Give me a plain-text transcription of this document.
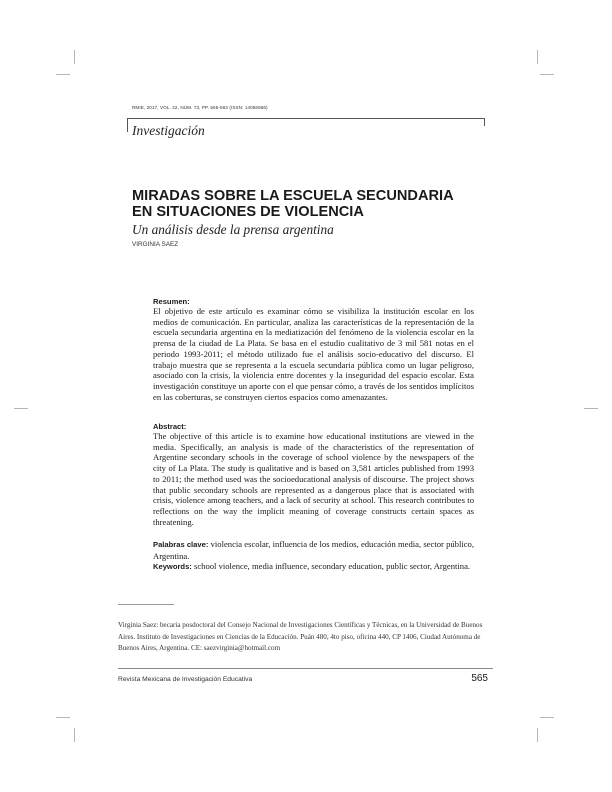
RMIE, 2017, VOL. 22, NÚM. 73, PP. 565-583 (ISSN: 14056666)
Investigación
MIRADAS SOBRE LA ESCUELA SECUNDARIA
EN SITUACIONES DE VIOLENCIA
Un análisis desde la prensa argentina
VIRGINIA SAEZ
Resumen:

El objetivo de este artículo es examinar cómo se visibiliza la institución escolar en los medios de comunicación. En particular, analiza las características de la representación de la escuela secundaria argentina en la mediatización del fenómeno de la violencia escolar en la prensa de la ciudad de La Plata. Se basa en el estudio cualitativo de 3 mil 581 notas en el periodo 1993-2011; el método utilizado fue el análisis socio-educativo del discurso. El trabajo muestra que se representa a la escuela secundaria pública como un lugar peligroso, asociado con la crisis, la violencia entre docentes y la inseguridad del espacio escolar. Esta investigación constituye un aporte con el que pensar cómo, a través de los sentidos implícitos en las coberturas, se construyen ciertos espacios como amenazantes.

Abstract:

The objective of this article is to examine how educational institutions are viewed in the media. Specifically, an analysis is made of the characteristics of the representation of Argentine secondary schools in the coverage of school violence by the newspapers of the city of La Plata. The study is qualitative and is based on 3,581 articles published from 1993 to 2011; the method used was the socioeducational analysis of discourse. The project shows that public secondary schools are represented as a dangerous place that is associated with crisis, violence among teachers, and a lack of security at school. This research contributes to reflections on the way the implicit meaning of coverage constructs certain spaces as threatening.

Palabras clave: violencia escolar, influencia de los medios, educación media, sector público, Argentina.

Keywords: school violence, media influence, secondary education, public sector, Argentina.

Virginia Saez: becaria posdoctoral del Consejo Nacional de Investigaciones Científicas y Técnicas, en la Universidad de Buenos Aires. Instituto de Investigaciones en Ciencias de la Educación. Puán 480, 4to piso, oficina 440, CP 1406, Ciudad Autónoma de Buenos Aires, Argentina. CE: saezvirginia@hotmail.com

Revista Mexicana de Investigación Educativa	565
